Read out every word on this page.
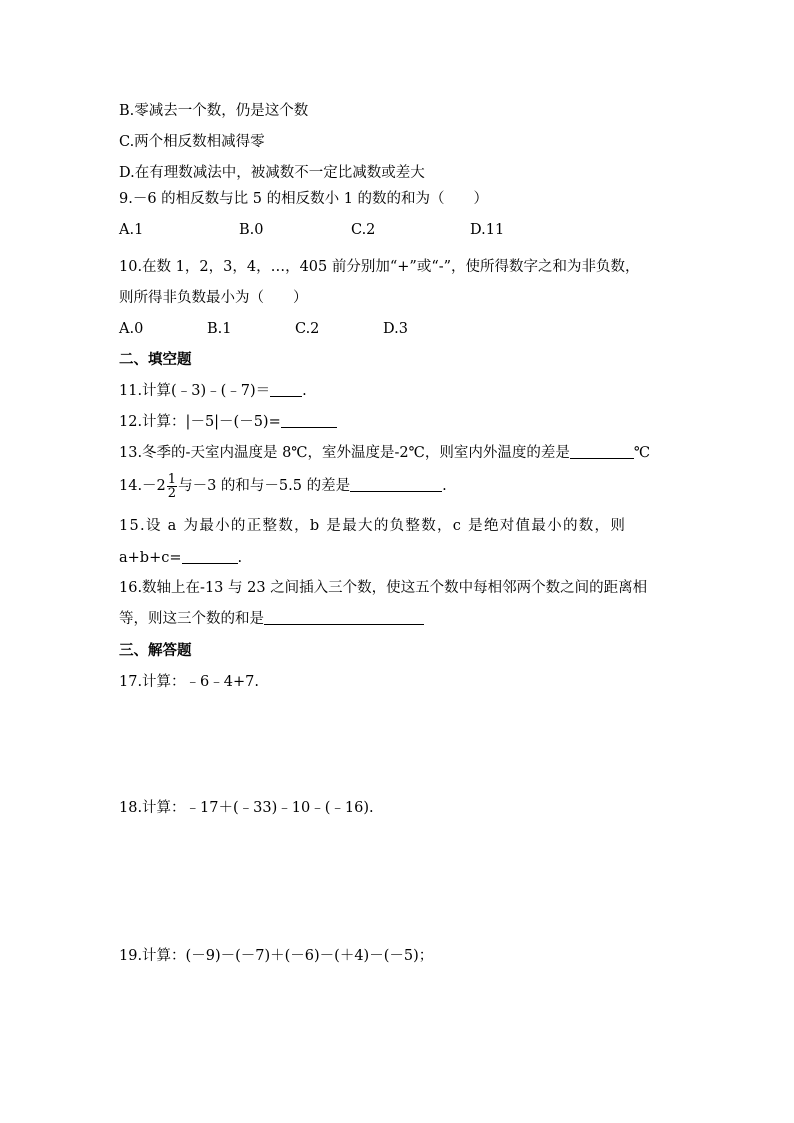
B.零减去一个数，仍是这个数
C.两个相反数相减得零
D.在有理数减法中，被减数不一定比减数或差大
9.－6 的相反数与比 5 的相反数小 1 的数的和为（　　）
A.1	B.0	C.2	D.11
10.在数 1，2，3，4，…，405 前分别加“+”或“-”，使所得数字之和为非负数，
则所得非负数最小为（　　）
A.0	B.1	C.2	D.3
二、填空题
11.计算(﹣3)﹣(﹣7)＝ .
12.计算：|－5|－(－5)=
13.冬季的-天室内温度是 8℃，室外温度是-2℃，则室内外温度的差是	℃
$14.-2 \frac{1}{2}$ 与－3 的和与－5.5 的差是	.
15.设 a 为最小的正整数，b 是最大的负整数，c 是绝对值最小的数，则
a+b+c=	.
16.数轴上在-13 与 23 之间插入三个数，使这五个数中每相邻两个数之间的距离相
等，则这三个数的和是
三、解答题
17.计算：﹣6﹣4+7.
18.计算：﹣17＋(﹣33)﹣10﹣(﹣16).
19.计算：(－9)－(－7)＋(－6)－(＋4)－(－5)；
